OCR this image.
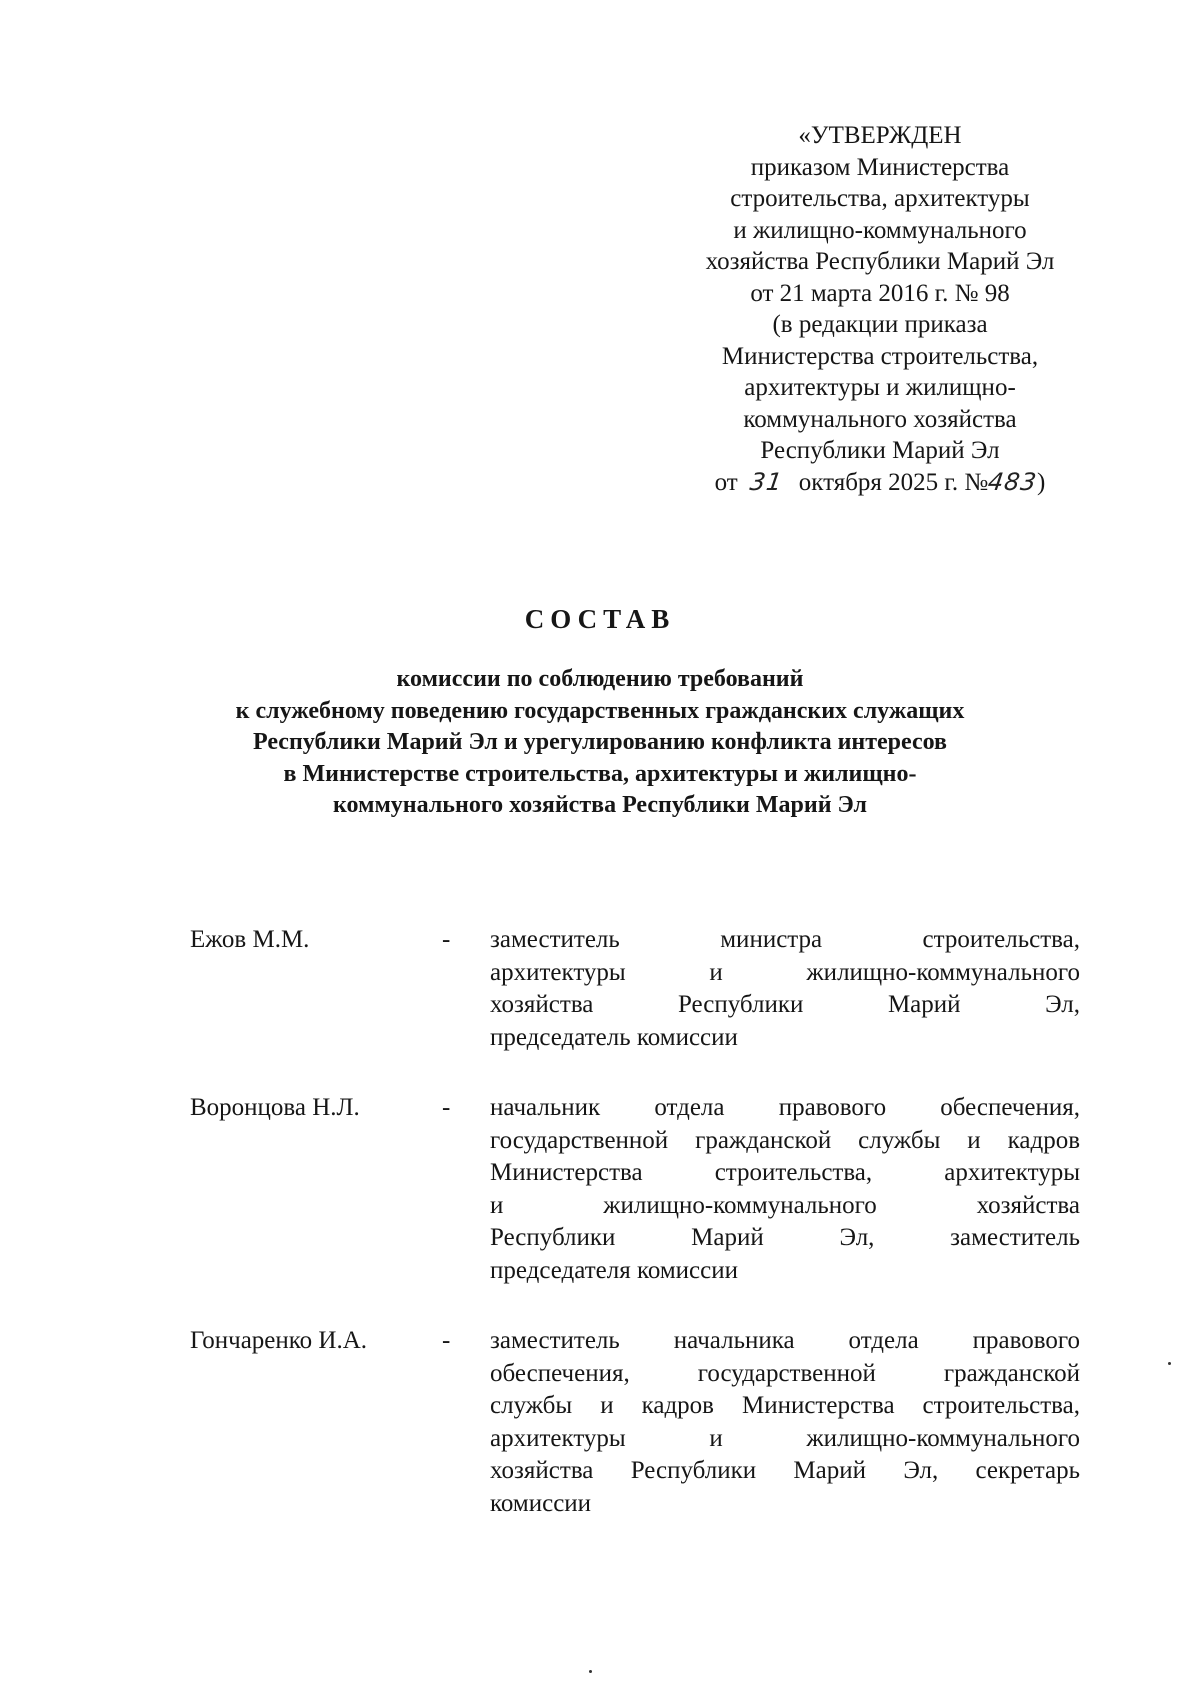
«УТВЕРЖДЕН
приказом Министерства
строительства, архитектуры
и жилищно-коммунального
хозяйства Республики Марий Эл
от 21 марта 2016 г. № 98
(в редакции приказа
Министерства строительства,
архитектуры и жилищно-
коммунального хозяйства
Республики Марий Эл
от 31 октября 2025 г. №483)
СОСТАВ
комиссии по соблюдению требований
к служебному поведению государственных гражданских служащих
Республики Марий Эл и урегулированию конфликта интересов
в Министерстве строительства, архитектуры и жилищно-
коммунального хозяйства Республики Марий Эл
Ежов М.М.	- заместитель министра строительства,
архитектуры и жилищно-коммунального
хозяйства Республики Марий Эл,
председатель комиссии
Воронцова Н.Л.	- начальник отдела правового обеспечения,
государственной гражданской службы и кадров
Министерства строительства, архитектуры
и жилищно-коммунального хозяйства
Республики Марий Эл, заместитель
председателя комиссии
Гончаренко И.А.	- заместитель начальника отдела правового
обеспечения, государственной гражданской
службы и кадров Министерства строительства,
архитектуры и жилищно-коммунального
хозяйства Республики Марий Эл, секретарь
комиссии
